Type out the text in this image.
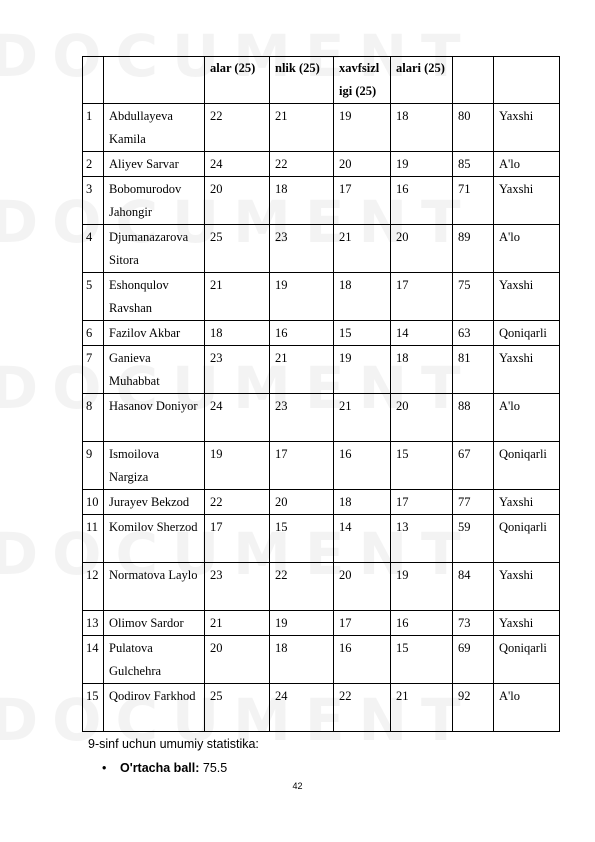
		alar (25)	nlik (25)	xavfsizl igi (25)	alari (25)		
1	Abdullayeva Kamila	22	21	19	18	80	Yaxshi
2	Aliyev Sarvar	24	22	20	19	85	A'lo
3	Bobomurodov Jahongir	20	18	17	16	71	Yaxshi
4	Djumanazarova Sitora	25	23	21	20	89	A'lo
5	Eshonqulov Ravshan	21	19	18	17	75	Yaxshi
6	Fazilov Akbar	18	16	15	14	63	Qoniqarli
7	Ganieva Muhabbat	23	21	19	18	81	Yaxshi
8	Hasanov Doniyor	24	23	21	20	88	A'lo
9	Ismoilova Nargiza	19	17	16	15	67	Qoniqarli
10	Jurayev Bekzod	22	20	18	17	77	Yaxshi
11	Komilov Sherzod	17	15	14	13	59	Qoniqarli
12	Normatova Laylo	23	22	20	19	84	Yaxshi
13	Olimov Sardor	21	19	17	16	73	Yaxshi
14	Pulatova Gulchehra	20	18	16	15	69	Qoniqarli
15	Qodirov Farkhod	25	24	22	21	92	A'lo
9-sinf uchun umumiy statistika:
• O'rtacha ball: 75.5
42
